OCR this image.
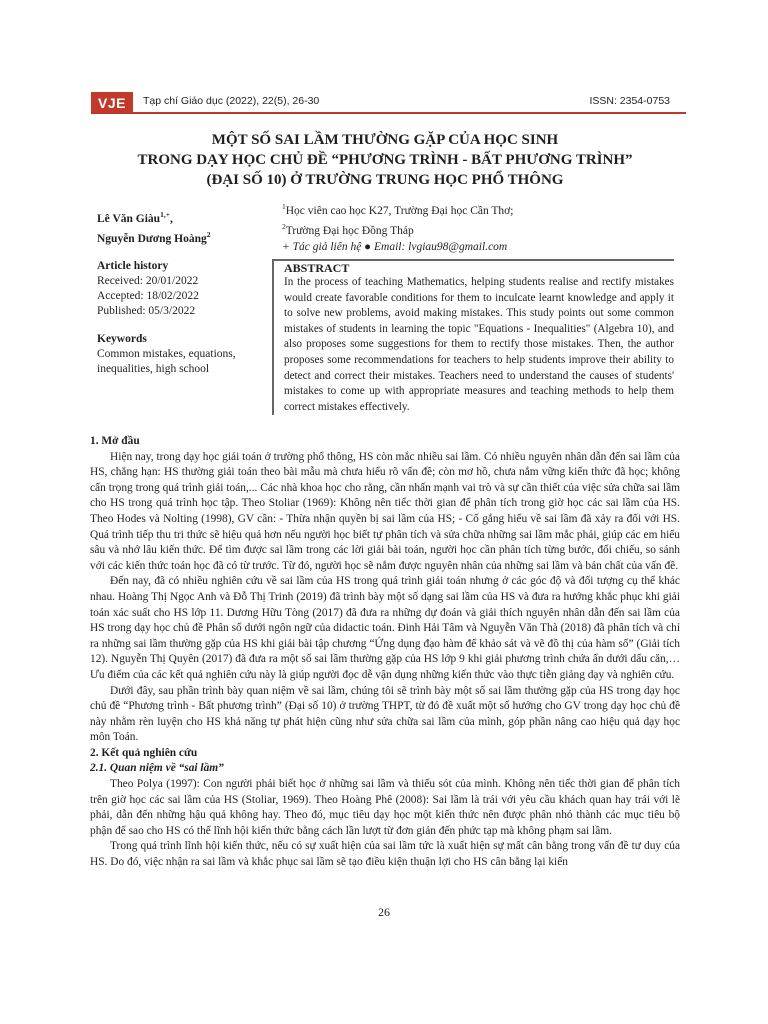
VJE	Tạp chí Giáo dục (2022), 22(5), 26-30	ISSN: 2354-0753
MỘT SỐ SAI LẦM THƯỜNG GẶP CỦA HỌC SINH
TRONG DẠY HỌC CHỦ ĐỀ “PHƯƠNG TRÌNH - BẤT PHƯƠNG TRÌNH”
(ĐẠI SỐ 10) Ở TRƯỜNG TRUNG HỌC PHỔ THÔNG
Lê Văn Giàu$^{1,+}$,
Nguyễn Dương Hoàng$^2$
$^1$Học viên cao học K27, Trường Đại học Cần Thơ;
$^2$Trường Đại học Đồng Tháp
+ Tác giả liên hệ ● Email: lvgiau98@gmail.com
Article history
Received: 20/01/2022
Accepted: 18/02/2022
Published: 05/3/2022
Keywords
Common mistakes, equations, inequalities, high school
ABSTRACT
In the process of teaching Mathematics, helping students realise and rectify mistakes would create favorable conditions for them to inculcate learnt knowledge and apply it to solve new problems, avoid making mistakes. This study points out some common mistakes of students in learning the topic "Equations - Inequalities" (Algebra 10), and also proposes some suggestions for them to rectify those mistakes. Then, the author proposes some recommendations for teachers to help students improve their ability to detect and correct their mistakes. Teachers need to understand the causes of students' mistakes to come up with appropriate measures and teaching methods to help them correct mistakes effectively.

1. Mở đầu

Hiện nay, trong dạy học giải toán ở trường phổ thông, HS còn mắc nhiều sai lầm. Có nhiều nguyên nhân dẫn đến sai lầm của HS, chẳng hạn: HS thường giải toán theo bài mẫu mà chưa hiểu rõ vấn đề; còn mơ hồ, chưa nắm vững kiến thức đã học; không cẩn trọng trong quá trình giải toán,... Các nhà khoa học cho rằng, cần nhấn mạnh vai trò và sự cần thiết của việc sửa chữa sai lầm cho HS trong quá trình học tập. Theo Stoliar (1969): Không nên tiếc thời gian để phân tích trong giờ học các sai lầm của HS. Theo Hodes và Nolting (1998), GV cần: - Thừa nhận quyền bị sai lầm của HS; - Cố gắng hiểu về sai lầm đã xảy ra đối với HS. Quá trình tiếp thu tri thức sẽ hiệu quả hơn nếu người học biết tự phân tích và sửa chữa những sai lầm mắc phải, giúp các em hiểu sâu và nhớ lâu kiến thức. Để tìm được sai lầm trong các lời giải bài toán, người học cần phân tích từng bước, đối chiếu, so sánh với các kiến thức toán học đã có từ trước. Từ đó, người học sẽ nắm được nguyên nhân của những sai lầm và bản chất của vấn đề.

Đến nay, đã có nhiều nghiên cứu về sai lầm của HS trong quá trình giải toán nhưng ở các góc độ và đối tượng cụ thể khác nhau. Hoàng Thị Ngọc Anh và Đỗ Thị Trinh (2019) đã trình bày một số dạng sai lầm của HS và đưa ra hướng khắc phục khi giải toán xác suất cho HS lớp 11. Dương Hữu Tòng (2017) đã đưa ra những dự đoán và giải thích nguyên nhân dẫn đến sai lầm của HS trong dạy học chủ đề Phân số dưới ngôn ngữ của didactic toán. Đinh Hải Tâm và Nguyễn Văn Thà (2018) đã phân tích và chỉ ra những sai lầm thường gặp của HS khi giải bài tập chương “Ứng dụng đạo hàm để khảo sát và vẽ đồ thị của hàm số” (Giải tích 12). Nguyễn Thị Quyên (2017) đã đưa ra một số sai lầm thường gặp của HS lớp 9 khi giải phương trình chứa ẩn dưới dấu căn,… Ưu điểm của các kết quả nghiên cứu này là giúp người đọc dễ vận dụng những kiến thức vào thực tiễn giảng dạy và nghiên cứu.

Dưới đây, sau phần trình bày quan niệm về sai lầm, chúng tôi sẽ trình bày một số sai lầm thường gặp của HS trong dạy học chủ đề “Phương trình - Bất phương trình” (Đại số 10) ở trường THPT, từ đó đề xuất một số hướng cho GV trong dạy học chủ đề này nhằm rèn luyện cho HS khả năng tự phát hiện cũng như sửa chữa sai lầm của mình, góp phần nâng cao hiệu quả dạy học môn Toán.

2. Kết quả nghiên cứu

2.1. Quan niệm về “sai lầm”

Theo Polya (1997): Con người phải biết học ở những sai lầm và thiếu sót của mình. Không nên tiếc thời gian để phân tích trên giờ học các sai lầm của HS (Stoliar, 1969). Theo Hoàng Phê (2008): Sai lầm là trái với yêu cầu khách quan hay trái với lẽ phải, dẫn đến những hậu quả không hay. Theo đó, mục tiêu dạy học một kiến thức nên được phân nhỏ thành các mục tiêu bộ phận để sao cho HS có thể lĩnh hội kiến thức bằng cách lần lượt từ đơn giản đến phức tạp mà không phạm sai lầm.

Trong quá trình lĩnh hội kiến thức, nếu có sự xuất hiện của sai lầm tức là xuất hiện sự mất cân bằng trong vấn đề tư duy của HS. Do đó, việc nhận ra sai lầm và khắc phục sai lầm sẽ tạo điều kiện thuận lợi cho HS cân bằng lại kiến

26
